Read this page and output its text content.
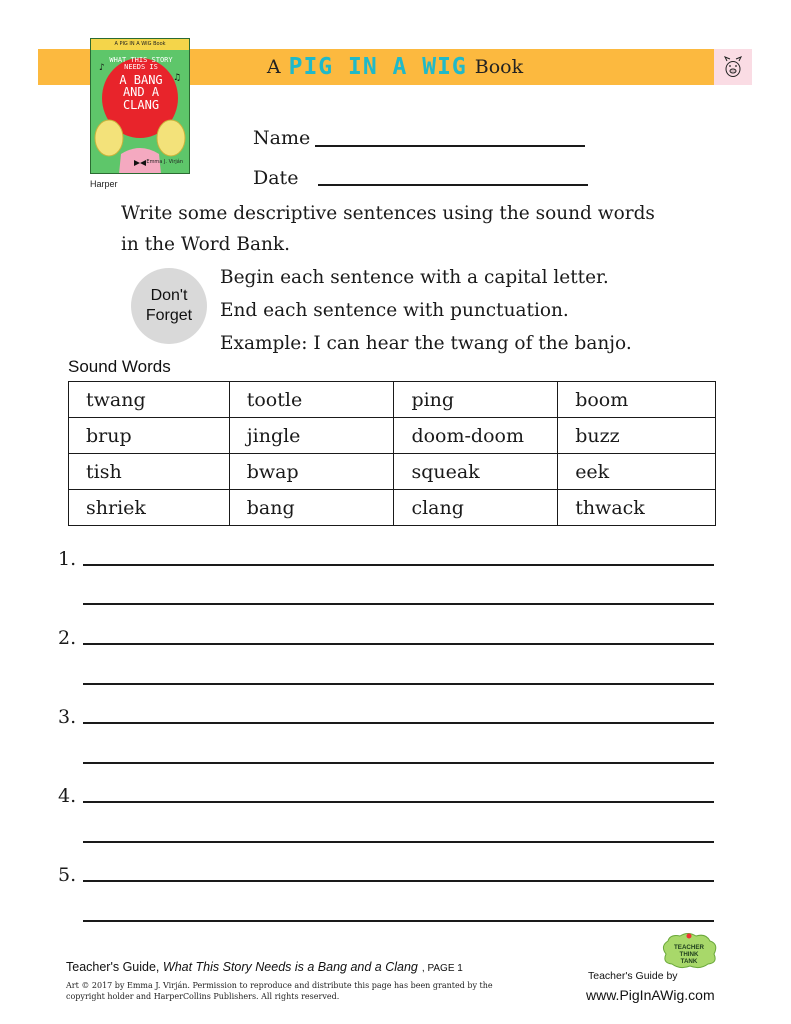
A PIG IN A WIG Book
A PIG IN A WIG Book
♪
♫
WHAT THIS STORY NEEDS IS
A BANG AND A CLANG
Emma J. Virján
Harper
Name
Date
Write some descriptive sentences using the sound words
in the Word Bank.
Don't
Forget
Begin each sentence with a capital letter.
End each sentence with punctuation.
Example: I can hear the twang of the banjo.
Sound Words
twang	tootle	ping	boom
brup	jingle	doom-doom	buzz
tish	bwap	squeak	eek
shriek	bang	clang	thwack
1.
2.
3.
4.
5.
Teacher's Guide, What This Story Needs is a Bang and a Clang , PAGE 1
Art © 2017 by Emma J. Virján. Permission to reproduce and distribute this page has been granted by the
copyright holder and HarperCollins Publishers. All rights reserved.
TEACHER
THINK
TANK
Teacher's Guide by
www.PigInAWig.com
